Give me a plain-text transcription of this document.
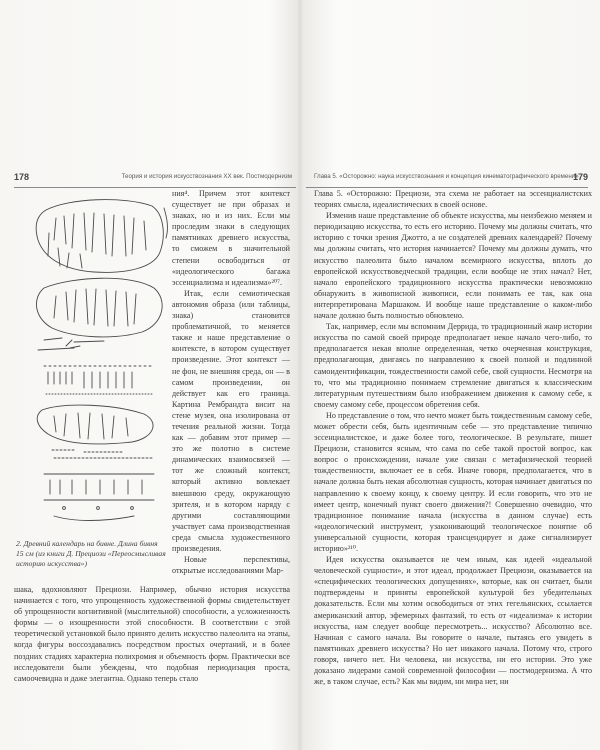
178	Теория и история искусствознания XX век. Постмодернизм	Глава 5. «Осторожно: наука искусствознания и концепция кинематографического времени»
179
2. Древний календарь на бивне. Длина бивня 15 см (из книги Д. Прециози «Переосмысливая историю искусства»)

ния⁴. Причем этот контекст существует не при образах и знаках, но и из них. Если мы проследим знаки в следующих памятниках древнего искусства, то сможем в значительной степени освободиться от «идеологического багажа эссенциализма и идеализма»²⁰⁷.

Итак, если семиотическая автономия образа (или таблицы, знака) становится проблематичной, то меняется также и наше представление о контексте, в котором существует произведение. Этот контекст — не фон, не внешняя среда, он — в самом произведении, он действует как его граница. Картина Рембрандта висит на стене музея, она изолирована от течения реальной жизни. Тогда как — добавим этот пример — это же полотно в системе динамических взаимосвязей — тот же сложный контекст, который активно вовлекает внешнюю среду, окружающую зрителя, и в котором наряду с другими составляющими участвует сама производственная среда смысла художественного произведения.

Новые перспективы, открытые исследованиями Мар-

шака, вдохновляют Прециози. Например, обычно история искусства начинается с того, что упрощенность художественной формы свидетельствует об упрощенности когнитивной (мыслительной) способности, а усложненность формы — о изощренности этой способности. В соответствии с этой теоретической установкой было принято делить искусство палеолита на этапы, когда фигуры воссоздавались посредством простых очертаний, и в более поздних стадиях характерна полихромия и объемность форм. Практически все исследователи были убеждены, что подобная периодизация проста, самоочевидна и даже элегантна. Однако теперь стало

Глава 5. «Осторожно: Прециози, эта схема не работает на эссенциалистских теориях смысла, идеалистических в своей основе.

Изменив наше представление об объекте искусства, мы неизбежно меняем и периодизацию искусства, то есть его историю. Почему мы должны считать, что историю с точки зрения Джотто, а не создателей древних календарей? Почему мы должны считать, что история начинается? Почему мы должны думать, что искусство палеолита было началом всемирного искусства, вплоть до европейской искусствоведческой традиции, если вообще не этих начал? Нет, начало европейского традиционного искусства практически невозможно обнаружить в живописной живописи, если понимать ее так, как она интерпретирована Маршаком. И вообще наше представление о каком-либо начале должно быть полностью обновлено.

Так, например, если мы вспомним Деррида, то традиционный жанр истории искусства по самой своей природе предполагает некое начало чего-либо, то предполагается некая вполне определенная, четко очерченная конструкция, предполагающая, двигаясь по направлению к своей полной и подлинной самоидентификации, тождественности самой себе, свой сущности. Несмотря на то, что мы традиционно понимаем стремление двигаться к классическим литературным путешествиям было изображением движения к самому себе, к своему самому себе, процессом обретения себя.

Но представление о том, что нечто может быть тождественным самому себе, может обрести себя, быть идентичным себе — это представление типично эссенциалистское, и даже более того, теологическое. В результате, пишет Прециози, становится ясным, что сама по себе такой простой вопрос, как вопрос о происхождении, начале уже связан с метафизической теорией тождественности, включает ее в себя. Иначе говоря, предполагается, что в начале должна быть некая абсолютная сущность, которая начинает двигаться по направлению к своему концу, к своему центру. И если говорить, что это не имеет центр, конечный пункт своего движения?! Совершенно очевидно, что традиционное понимание начала (искусства в данном случае) есть «идеологический инструмент, узаконивающий теологическое понятие об универсальной сущности, которая трансцендирует и даже сигнализирует историю»²¹⁰.

Идея искусства оказывается не чем иным, как идеей «идеальной человеческой сущности», и этот идеал, продолжает Прециози, оказывается на «специфических теологических допущениях», которые, как он считает, были подтверждены и приняты европейской культурой без убедительных доказательств. Если мы хотим освободиться от этих гегельянских, ссылается американский автор, эфемерных фантазий, то есть от «идеализма» к истории искусства, нам следует вообще пересмотреть... искусство? Абсолютно все. Начиная с самого начала. Вы говорите о начале, пытаясь его увидеть в памятниках древнего искусства? Но нет никакого начала. Потому что, строго говоря, ничего нет. Ни человека, ни искусства, ни его истории. Это уже доказано лидерами самой современной философии — постмодернизма. А что же, в таком случае, есть? Как мы видим, ни мира нет, ни
